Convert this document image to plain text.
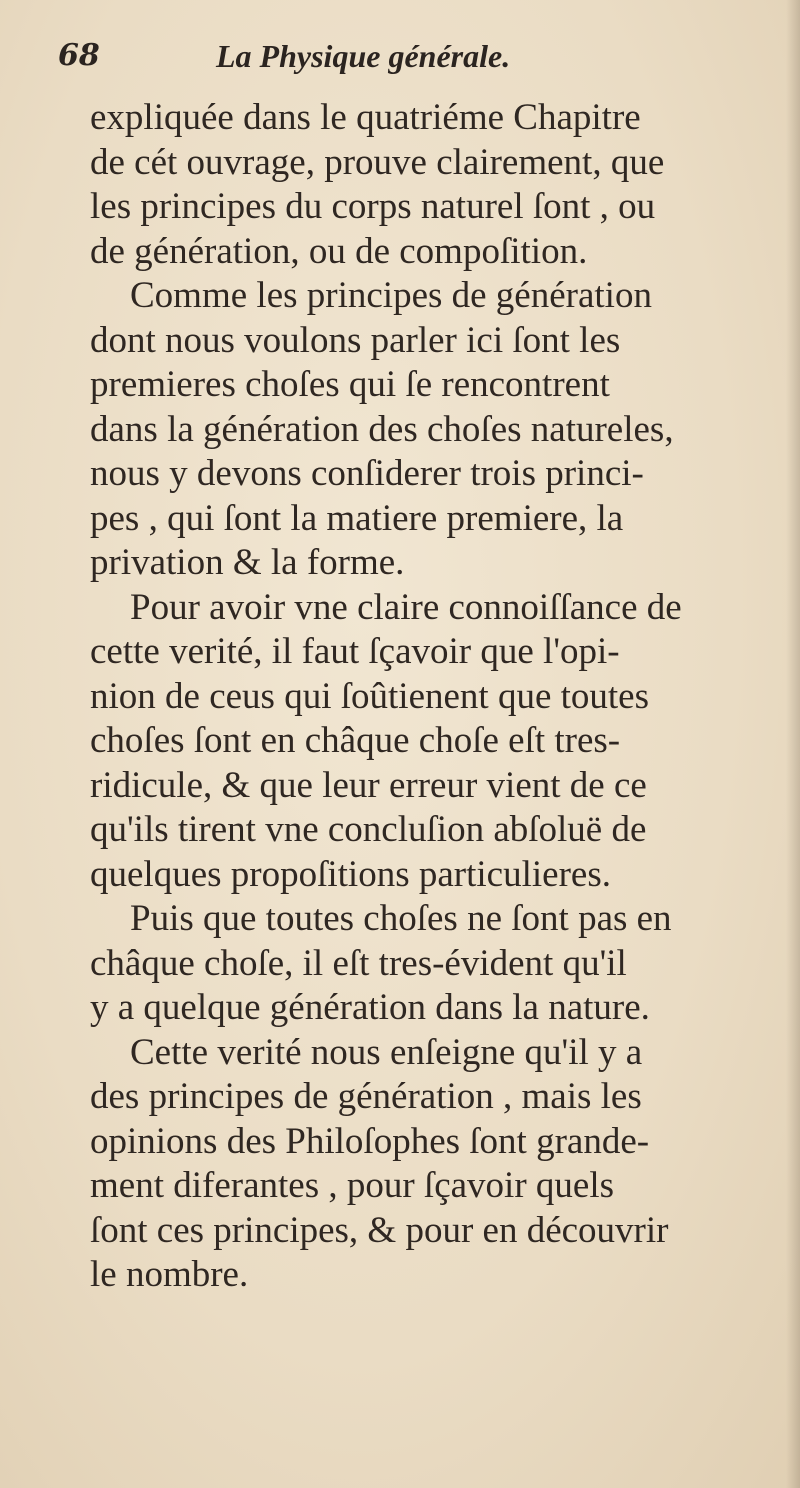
68	La Physique générale.
expliquée dans le quatriéme Chapitre
de cét ouvrage, prouve clairement, que
les principes du corps naturel ſont , ou
de génération, ou de compoſition.
Comme les principes de génération
dont nous voulons parler ici ſont les
premieres choſes qui ſe rencontrent
dans la génération des choſes natureles,
nous y devons conſiderer trois princi-
pes , qui ſont la matiere premiere, la
privation & la forme.
Pour avoir vne claire connoiſſance de
cette verité, il faut ſçavoir que l'opi-
nion de ceus qui ſoûtienent que toutes
choſes ſont en châque choſe eſt tres-
ridicule, & que leur erreur vient de ce
qu'ils tirent vne concluſion abſoluë de
quelques propoſitions particulieres.
Puis que toutes choſes ne ſont pas en
châque choſe, il eſt tres-évident qu'il
y a quelque génération dans la nature.
Cette verité nous enſeigne qu'il y a
des principes de génération , mais les
opinions des Philoſophes ſont grande-
ment diferantes , pour ſçavoir quels
ſont ces principes, & pour en découvrir
le nombre.
